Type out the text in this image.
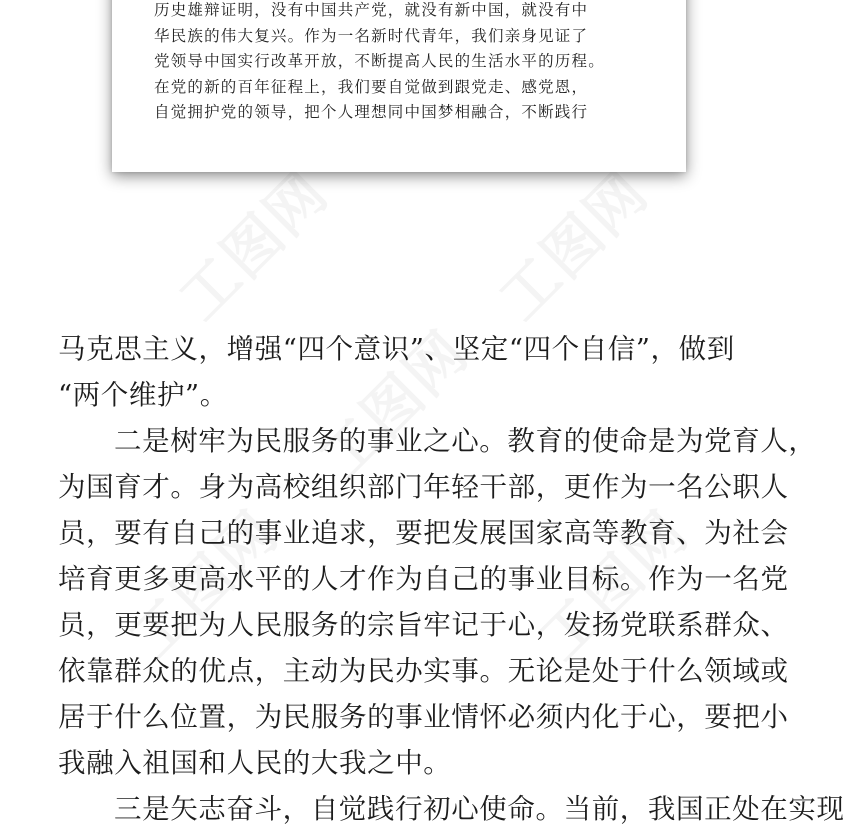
历史雄辩证明，没有中国共产党，就没有新中国，就没有中
华民族的伟大复兴。作为一名新时代青年，我们亲身见证了
党领导中国实行改革开放，不断提高人民的生活水平的历程。
在党的新的百年征程上，我们要自觉做到跟党走、感党恩，
自觉拥护党的领导，把个人理想同中国梦相融合，不断践行
马克思主义，增强“四个意识”、坚定“四个自信”，做到
“两个维护”。
二是树牢为民服务的事业之心。教育的使命是为党育人，
为国育才。身为高校组织部门年轻干部，更作为一名公职人
员，要有自己的事业追求，要把发展国家高等教育、为社会
培育更多更高水平的人才作为自己的事业目标。作为一名党
员，更要把为人民服务的宗旨牢记于心，发扬党联系群众、
依靠群众的优点，主动为民办实事。无论是处于什么领域或
居于什么位置，为民服务的事业情怀必须内化于心，要把小
我融入祖国和人民的大我之中。
三是矢志奋斗，自觉践行初心使命。当前，我国正处在实现
